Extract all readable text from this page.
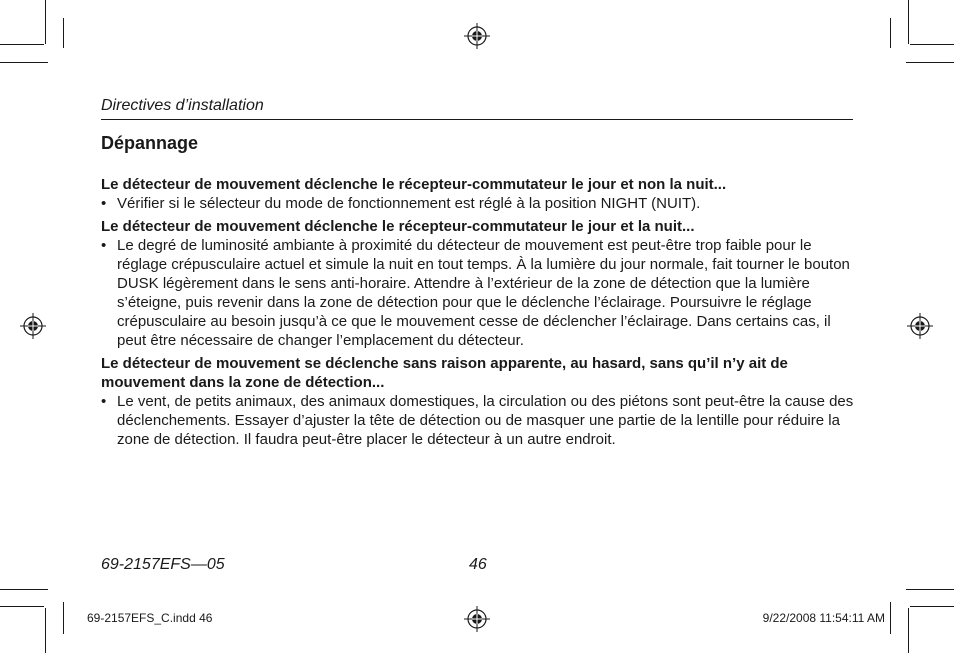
Directives d’installation
Dépannage

Le détecteur de mouvement déclenche le récepteur-commutateur le jour et non la nuit...

• Vérifier si le sélecteur du mode de fonctionnement est réglé à la position NIGHT (NUIT).

Le détecteur de mouvement déclenche le récepteur-commutateur le jour et la nuit...

• Le degré de luminosité ambiante à proximité du détecteur de mouvement est peut-être trop faible pour le réglage crépusculaire actuel et simule la nuit en tout temps. À la lumière du jour normale, fait tourner le bouton DUSK légèrement dans le sens anti-horaire. Attendre à l’extérieur de la zone de détection que la lumière s’éteigne, puis revenir dans la zone de détection pour que le déclenche l’éclairage. Poursuivre le réglage crépusculaire au besoin jusqu’à ce que le mouvement cesse de déclencher l’éclairage. Dans certains cas, il peut être nécessaire de changer l’emplacement du détecteur.

Le détecteur de mouvement se déclenche sans raison apparente, au hasard, sans qu’il n’y ait de mouvement dans la zone de détection...

• Le vent, de petits animaux, des animaux domestiques, la circulation ou des piétons sont peut-être la cause des déclenchements. Essayer d’ajuster la tête de détection ou de masquer une partie de la lentille pour réduire la zone de détection. Il faudra peut-être placer le détecteur à un autre endroit.

69-2157EFS—05	46
69-2157EFS_C.indd 46	9/22/2008 11:54:11 AM
